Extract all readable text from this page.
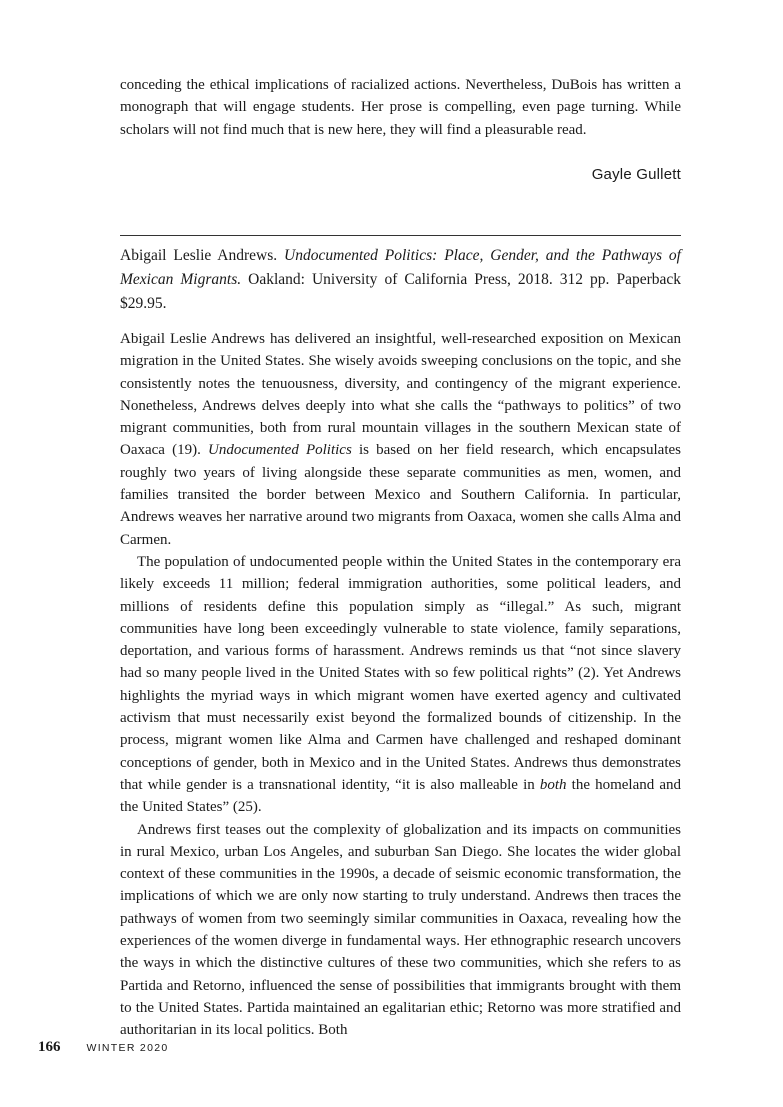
conceding the ethical implications of racialized actions. Nevertheless, DuBois has written a monograph that will engage students. Her prose is compelling, even page turning. While scholars will not find much that is new here, they will find a pleasurable read.

Gayle Gullett

Abigail Leslie Andrews. Undocumented Politics: Place, Gender, and the Pathways of Mexican Migrants. Oakland: University of California Press, 2018. 312 pp. Paperback $29.95.

Abigail Leslie Andrews has delivered an insightful, well-researched exposition on Mexican migration in the United States. She wisely avoids sweeping conclusions on the topic, and she consistently notes the tenuousness, diversity, and contingency of the migrant experience. Nonetheless, Andrews delves deeply into what she calls the “pathways to politics” of two migrant communities, both from rural mountain villages in the southern Mexican state of Oaxaca (19). Undocumented Politics is based on her field research, which encapsulates roughly two years of living alongside these separate communities as men, women, and families transited the border between Mexico and Southern California. In particular, Andrews weaves her narrative around two migrants from Oaxaca, women she calls Alma and Carmen.

The population of undocumented people within the United States in the contemporary era likely exceeds 11 million; federal immigration authorities, some political leaders, and millions of residents define this population simply as “illegal.” As such, migrant communities have long been exceedingly vulnerable to state violence, family separations, deportation, and various forms of harassment. Andrews reminds us that “not since slavery had so many people lived in the United States with so few political rights” (2). Yet Andrews highlights the myriad ways in which migrant women have exerted agency and cultivated activism that must necessarily exist beyond the formalized bounds of citizenship. In the process, migrant women like Alma and Carmen have challenged and reshaped dominant conceptions of gender, both in Mexico and in the United States. Andrews thus demonstrates that while gender is a transnational identity, “it is also malleable in both the homeland and the United States” (25).

Andrews first teases out the complexity of globalization and its impacts on communities in rural Mexico, urban Los Angeles, and suburban San Diego. She locates the wider global context of these communities in the 1990s, a decade of seismic economic transformation, the implications of which we are only now starting to truly understand. Andrews then traces the pathways of women from two seemingly similar communities in Oaxaca, revealing how the experiences of the women diverge in fundamental ways. Her ethnographic research uncovers the ways in which the distinctive cultures of these two communities, which she refers to as Partida and Retorno, influenced the sense of possibilities that immigrants brought with them to the United States. Partida maintained an egalitarian ethic; Retorno was more stratified and authoritarian in its local politics. Both

166 WINTER 2020
